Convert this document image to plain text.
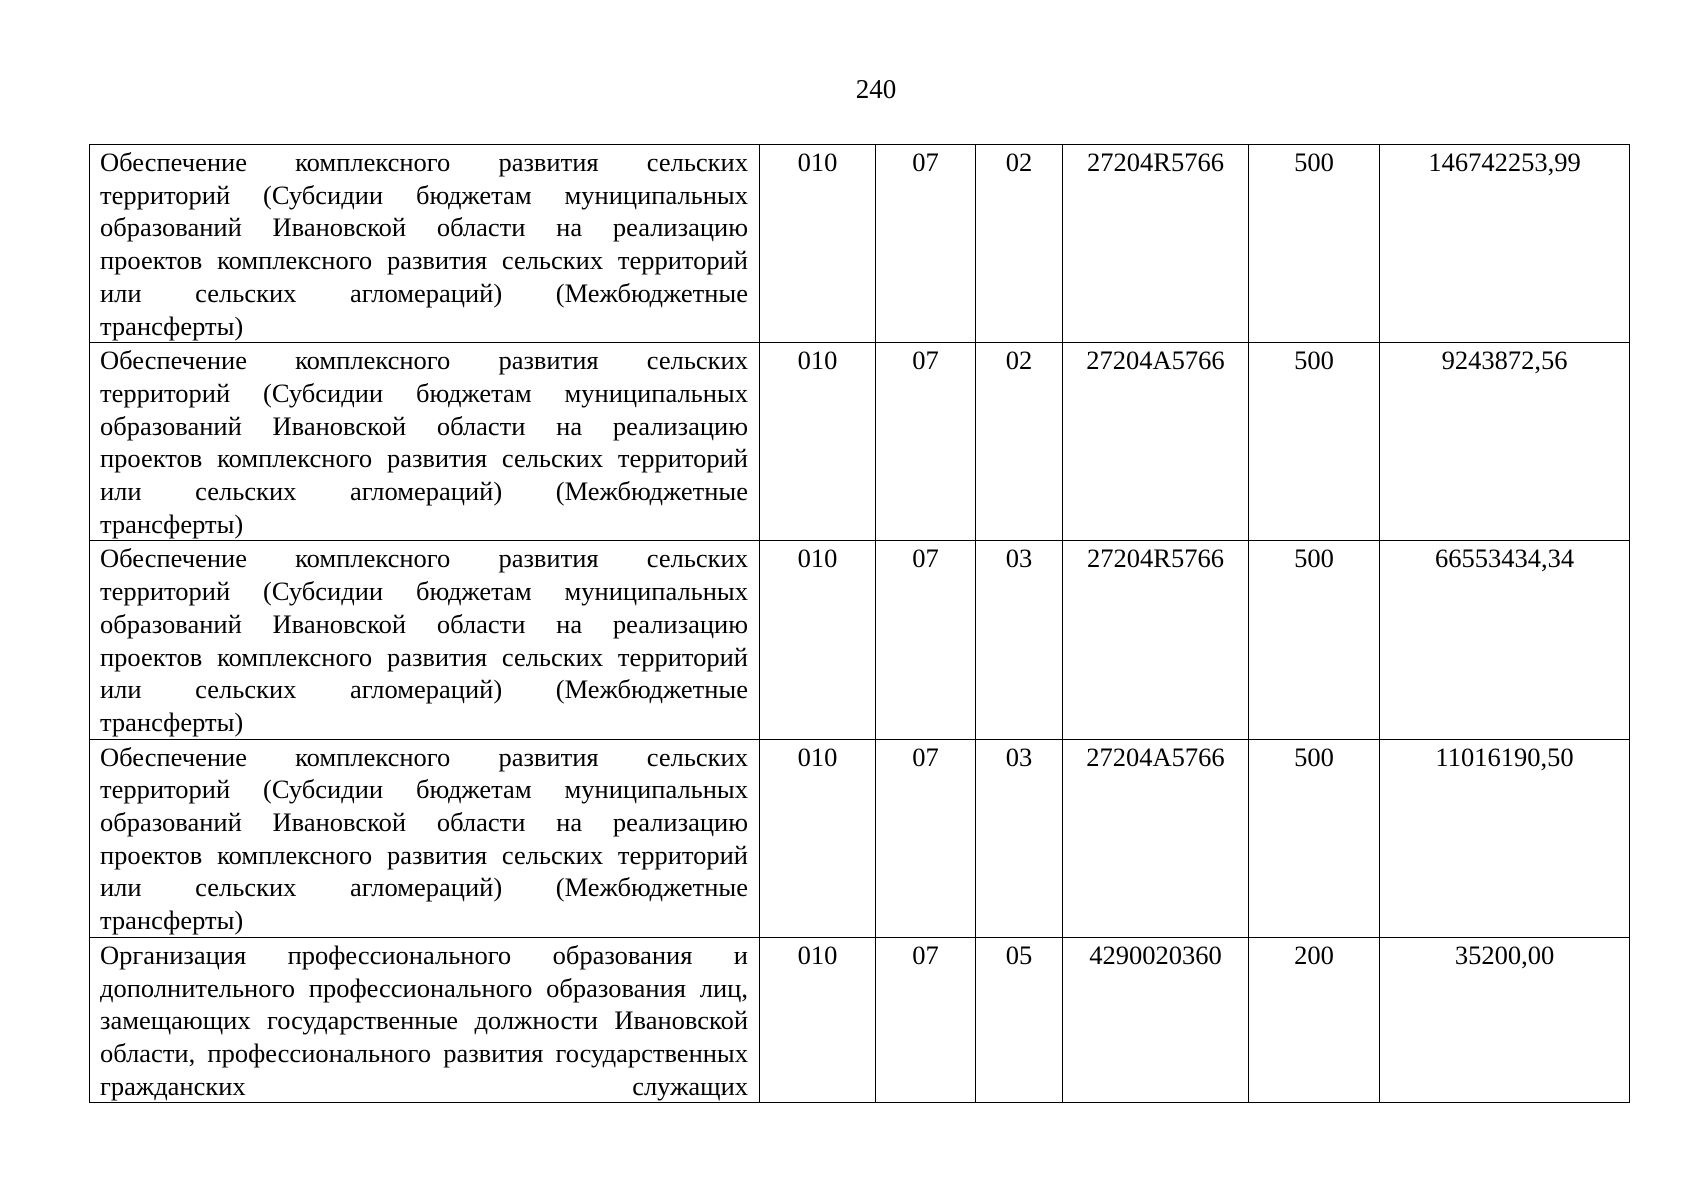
240
Обеспечение комплексного развития сельских территорий (Субсидии бюджетам муниципальных образований Ивановской области на реализацию проектов комплексного развития сельских территорий или сельских агломераций) (Межбюджетные трансферты)	010	07	02	27204R5766	500	146742253,99
Обеспечение комплексного развития сельских территорий (Субсидии бюджетам муниципальных образований Ивановской области на реализацию проектов комплексного развития сельских территорий или сельских агломераций) (Межбюджетные трансферты)	010	07	02	27204A5766	500	9243872,56
Обеспечение комплексного развития сельских территорий (Субсидии бюджетам муниципальных образований Ивановской области на реализацию проектов комплексного развития сельских территорий или сельских агломераций) (Межбюджетные трансферты)	010	07	03	27204R5766	500	66553434,34
Обеспечение комплексного развития сельских территорий (Субсидии бюджетам муниципальных образований Ивановской области на реализацию проектов комплексного развития сельских территорий или сельских агломераций) (Межбюджетные трансферты)	010	07	03	27204A5766	500	11016190,50
Организация профессионального образования и дополнительного профессионального образования лиц, замещающих государственные должности Ивановской области, профессионального развития государственных гражданских служащих	010	07	05	4290020360	200	35200,00
